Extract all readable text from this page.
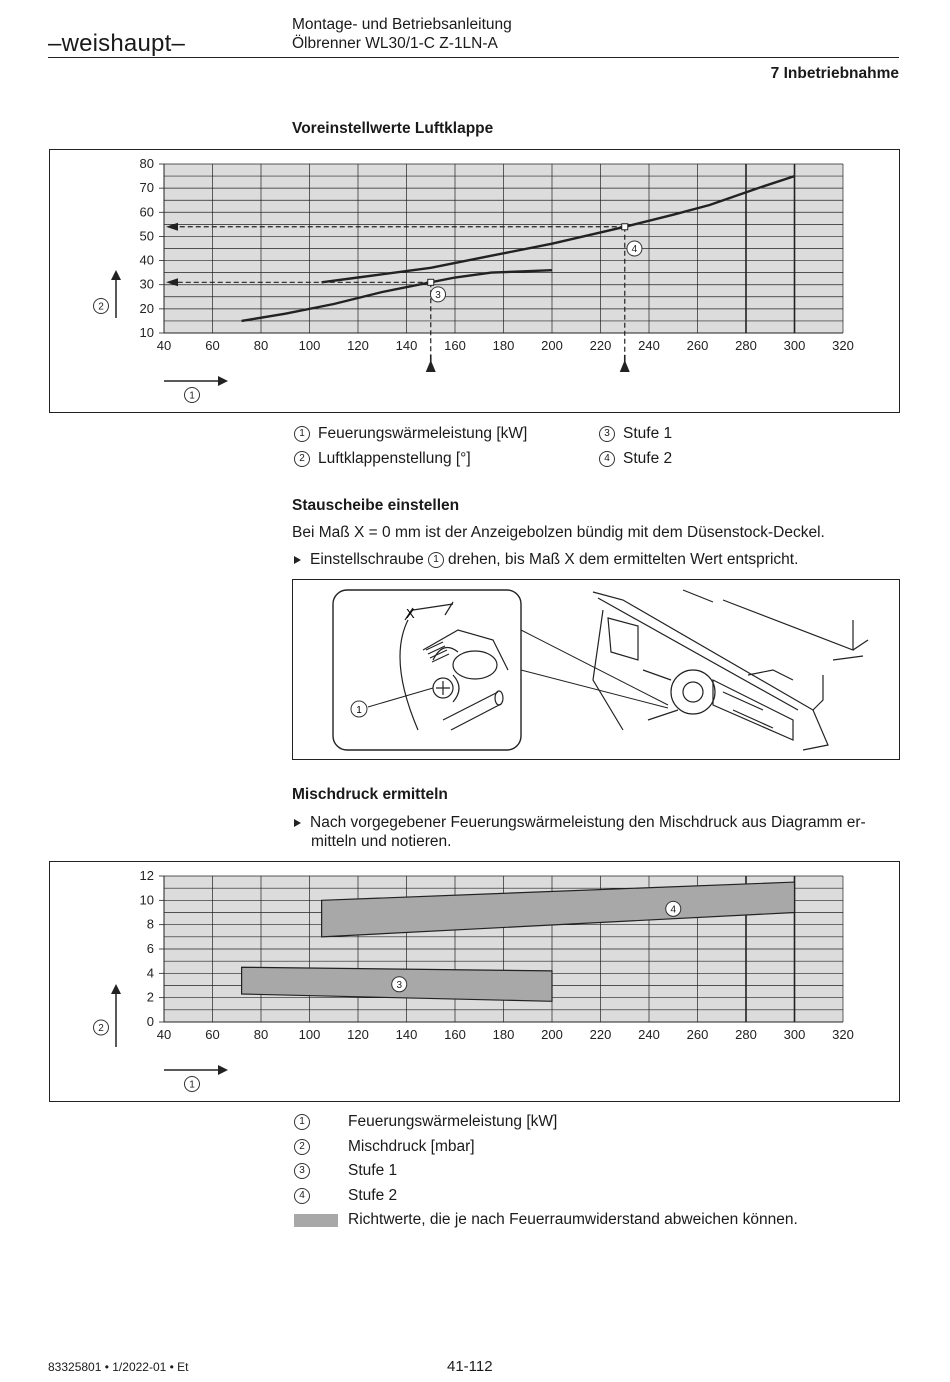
–weishaupt–
Montage- und Betriebsanleitung
Ölbrenner WL30/1-C Z-1LN-A
7 Inbetriebnahme
Voreinstellwerte Luftklappe
40	60	80 100 120 140 160 180 200 220 240 260 280 300 320
10
20
30
40
50
60
70
80
2
1
3
4
1 Feuerungswärmeleistung [kW]
2 Luftklappenstellung [°]
3 Stufe 1
4 Stufe 2
Stauscheibe einstellen
Bei Maß X = 0 mm ist der Anzeigebolzen bündig mit dem Düsenstock-Deckel.
Einstellschraube 1 drehen, bis Maß X dem ermittelten Wert entspricht.
X
1
Mischdruck ermitteln
Nach vorgegebener Feuerungswärmeleistung den Mischdruck aus Diagramm er-
mitteln und notieren.
40	60	80 100 120 140 160 180 200 220 240 260 280 300 320
0
2
4
6
8
10
12
2
1
3
4
1	Feuerungswärmeleistung [kW]
2	Mischdruck [mbar]
3	Stufe 1
4	Stufe 2
Richtwerte, die je nach Feuerraumwiderstand abweichen können.
83325801 • 1/2022-01 • Et	41-112
